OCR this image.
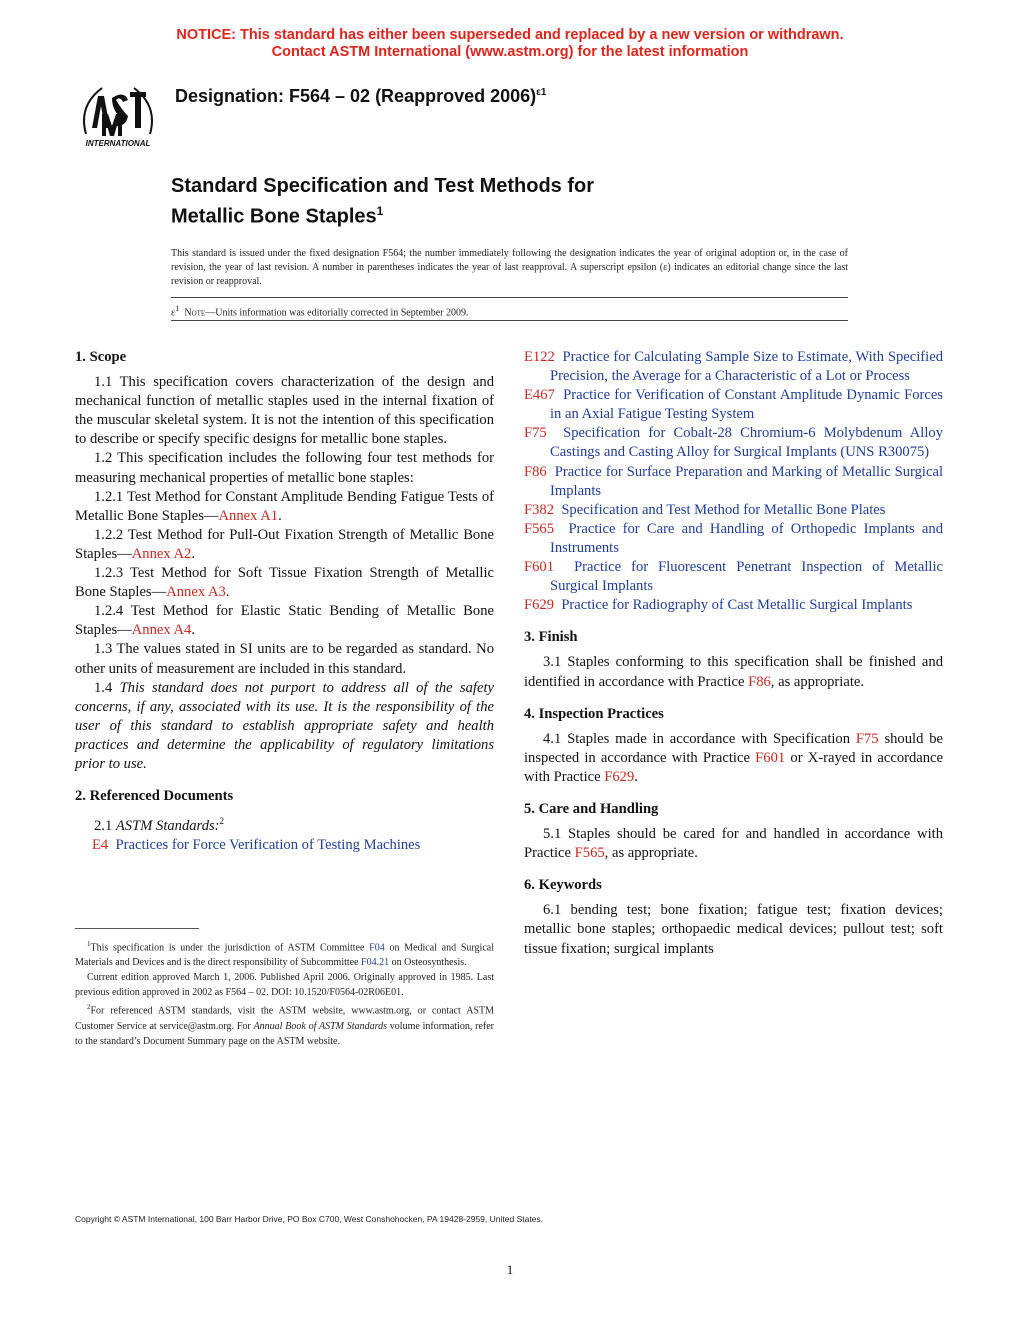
NOTICE: This standard has either been superseded and replaced by a new version or withdrawn.
Contact ASTM International (www.astm.org) for the latest information
INTERNATIONAL
Designation: F564 – 02 (Reapproved 2006)$^{\varepsilon 1}$
Standard Specification and Test Methods for
Metallic Bone Staples$^1$
This standard is issued under the fixed designation F564; the number immediately following the designation indicates the year of original adoption or, in the case of revision, the year of last revision. A number in parentheses indicates the year of last reapproval. A superscript epsilon (ε) indicates an editorial change since the last revision or reapproval.
$\varepsilon^1$ Note—Units information was editorially corrected in September 2009.
1. Scope

1.1 This specification covers characterization of the design and mechanical function of metallic staples used in the internal fixation of the muscular skeletal system. It is not the intention of this specification to describe or specify specific designs for metallic bone staples.

1.2 This specification includes the following four test methods for measuring mechanical properties of metallic bone staples:

1.2.1 Test Method for Constant Amplitude Bending Fatigue Tests of Metallic Bone Staples—Annex A1.

1.2.2 Test Method for Pull-Out Fixation Strength of Metallic Bone Staples—Annex A2.

1.2.3 Test Method for Soft Tissue Fixation Strength of Metallic Bone Staples—Annex A3.

1.2.4 Test Method for Elastic Static Bending of Metallic Bone Staples—Annex A4.

1.3 The values stated in SI units are to be regarded as standard. No other units of measurement are included in this standard.

1.4 This standard does not purport to address all of the safety concerns, if any, associated with its use. It is the responsibility of the user of this standard to establish appropriate safety and health practices and determine the applicability of regulatory limitations prior to use.

2. Referenced Documents

2.1 ASTM Standards:$^2$

E4 Practices for Force Verification of Testing Machines

$^1$This specification is under the jurisdiction of ASTM Committee F04 on Medical and Surgical Materials and Devices and is the direct responsibility of Subcommittee F04.21 on Osteosynthesis.

Current edition approved March 1, 2006. Published April 2006. Originally approved in 1985. Last previous edition approved in 2002 as F564 – 02. DOI: 10.1520/F0564-02R06E01.

$^2$For referenced ASTM standards, visit the ASTM website, www.astm.org, or contact ASTM Customer Service at service@astm.org. For Annual Book of ASTM Standards volume information, refer to the standard’s Document Summary page on the ASTM website.

E122 Practice for Calculating Sample Size to Estimate, With Specified Precision, the Average for a Characteristic of a Lot or Process

E467 Practice for Verification of Constant Amplitude Dynamic Forces in an Axial Fatigue Testing System

F75 Specification for Cobalt-28 Chromium-6 Molybdenum Alloy Castings and Casting Alloy for Surgical Implants (UNS R30075)

F86 Practice for Surface Preparation and Marking of Metallic Surgical Implants

F382 Specification and Test Method for Metallic Bone Plates

F565 Practice for Care and Handling of Orthopedic Implants and Instruments

F601 Practice for Fluorescent Penetrant Inspection of Metallic Surgical Implants

F629 Practice for Radiography of Cast Metallic Surgical Implants

3. Finish

3.1 Staples conforming to this specification shall be finished and identified in accordance with Practice F86, as appropriate.

4. Inspection Practices

4.1 Staples made in accordance with Specification F75 should be inspected in accordance with Practice F601 or X-rayed in accordance with Practice F629.

5. Care and Handling

5.1 Staples should be cared for and handled in accordance with Practice F565, as appropriate.

6. Keywords

6.1 bending test; bone fixation; fatigue test; fixation devices; metallic bone staples; orthopaedic medical devices; pullout test; soft tissue fixation; surgical implants

Copyright © ASTM International, 100 Barr Harbor Drive, PO Box C700, West Conshohocken, PA 19428-2959, United States.
1
